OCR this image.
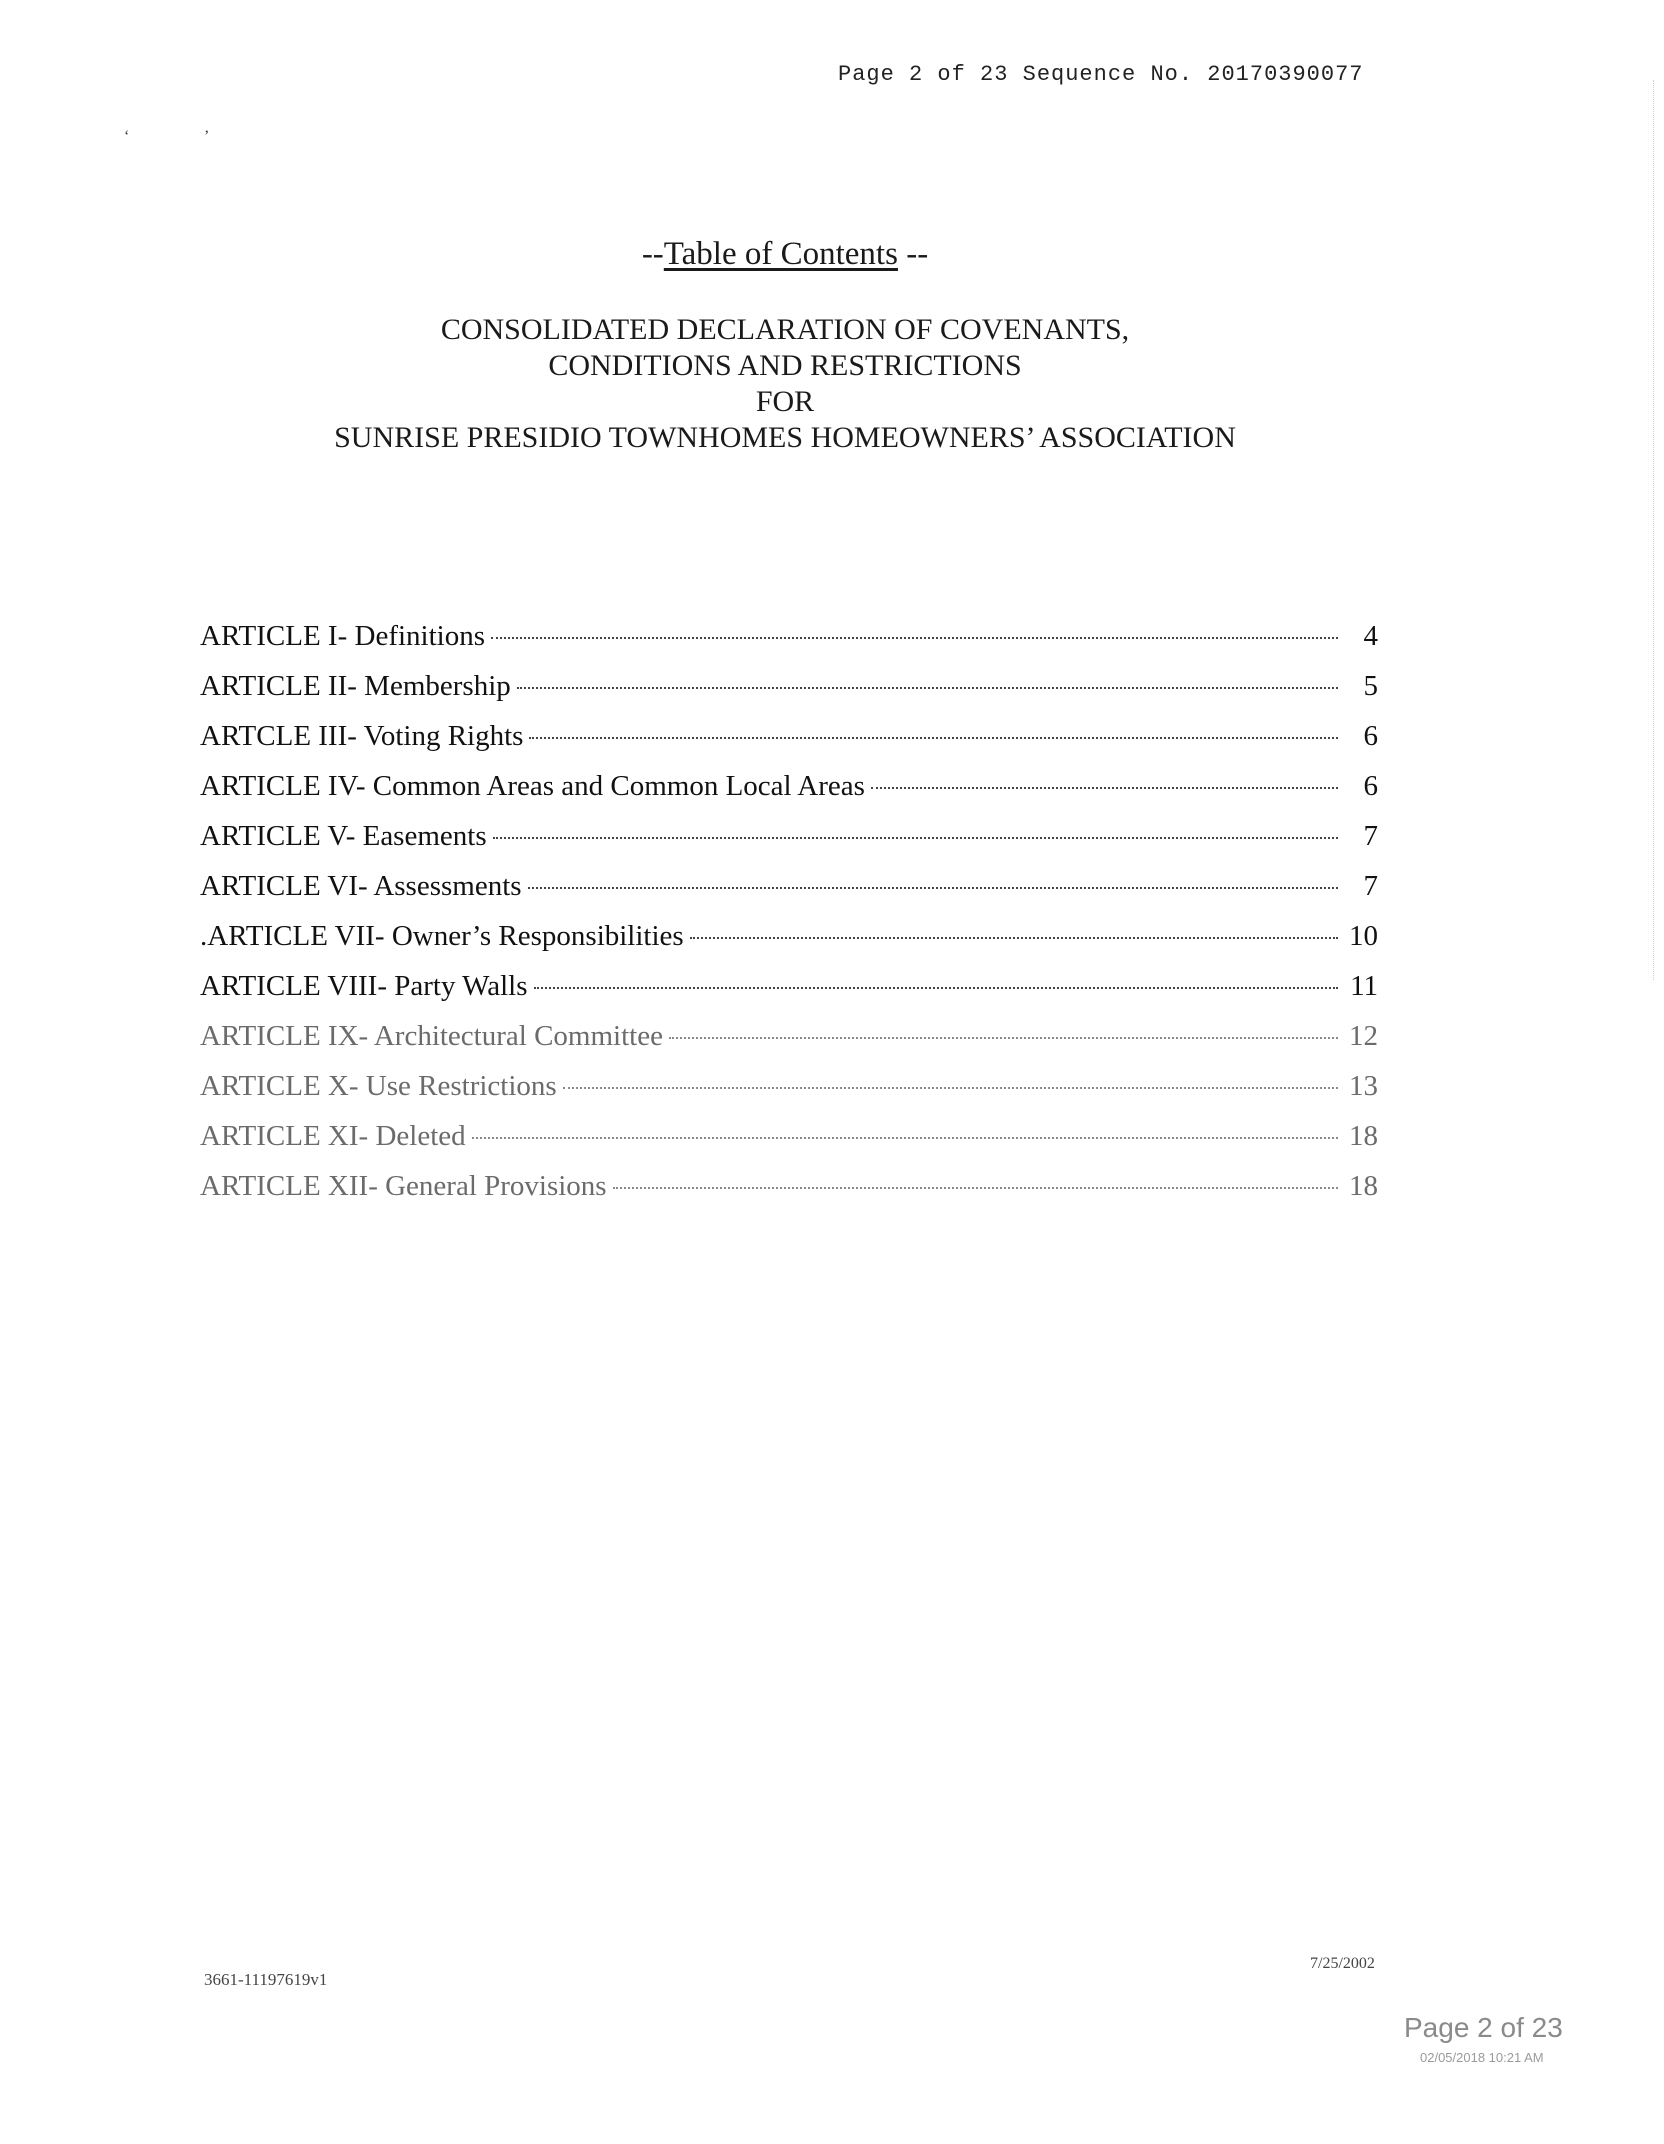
Page 2 of 23 Sequence No. 20170390077
‘	’
--Table of Contents --
CONSOLIDATED DECLARATION OF COVENANTS,
CONDITIONS AND RESTRICTIONS
FOR
SUNRISE PRESIDIO TOWNHOMES HOMEOWNERS’ ASSOCIATION
ARTICLE I- Definitions	4
ARTICLE II- Membership	5
ARTCLE III- Voting Rights	6
ARTICLE IV- Common Areas and Common Local Areas	6
ARTICLE V- Easements	7
ARTICLE VI- Assessments	7
.ARTICLE VII- Owner’s Responsibilities	10
ARTICLE VIII- Party Walls	11
ARTICLE IX- Architectural Committee	12
ARTICLE X- Use Restrictions	13
ARTICLE XI- Deleted	18
ARTICLE XII- General Provisions	18
3661-11197619v1
7/25/2002
Page 2 of 23
02/05/2018 10:21 AM
